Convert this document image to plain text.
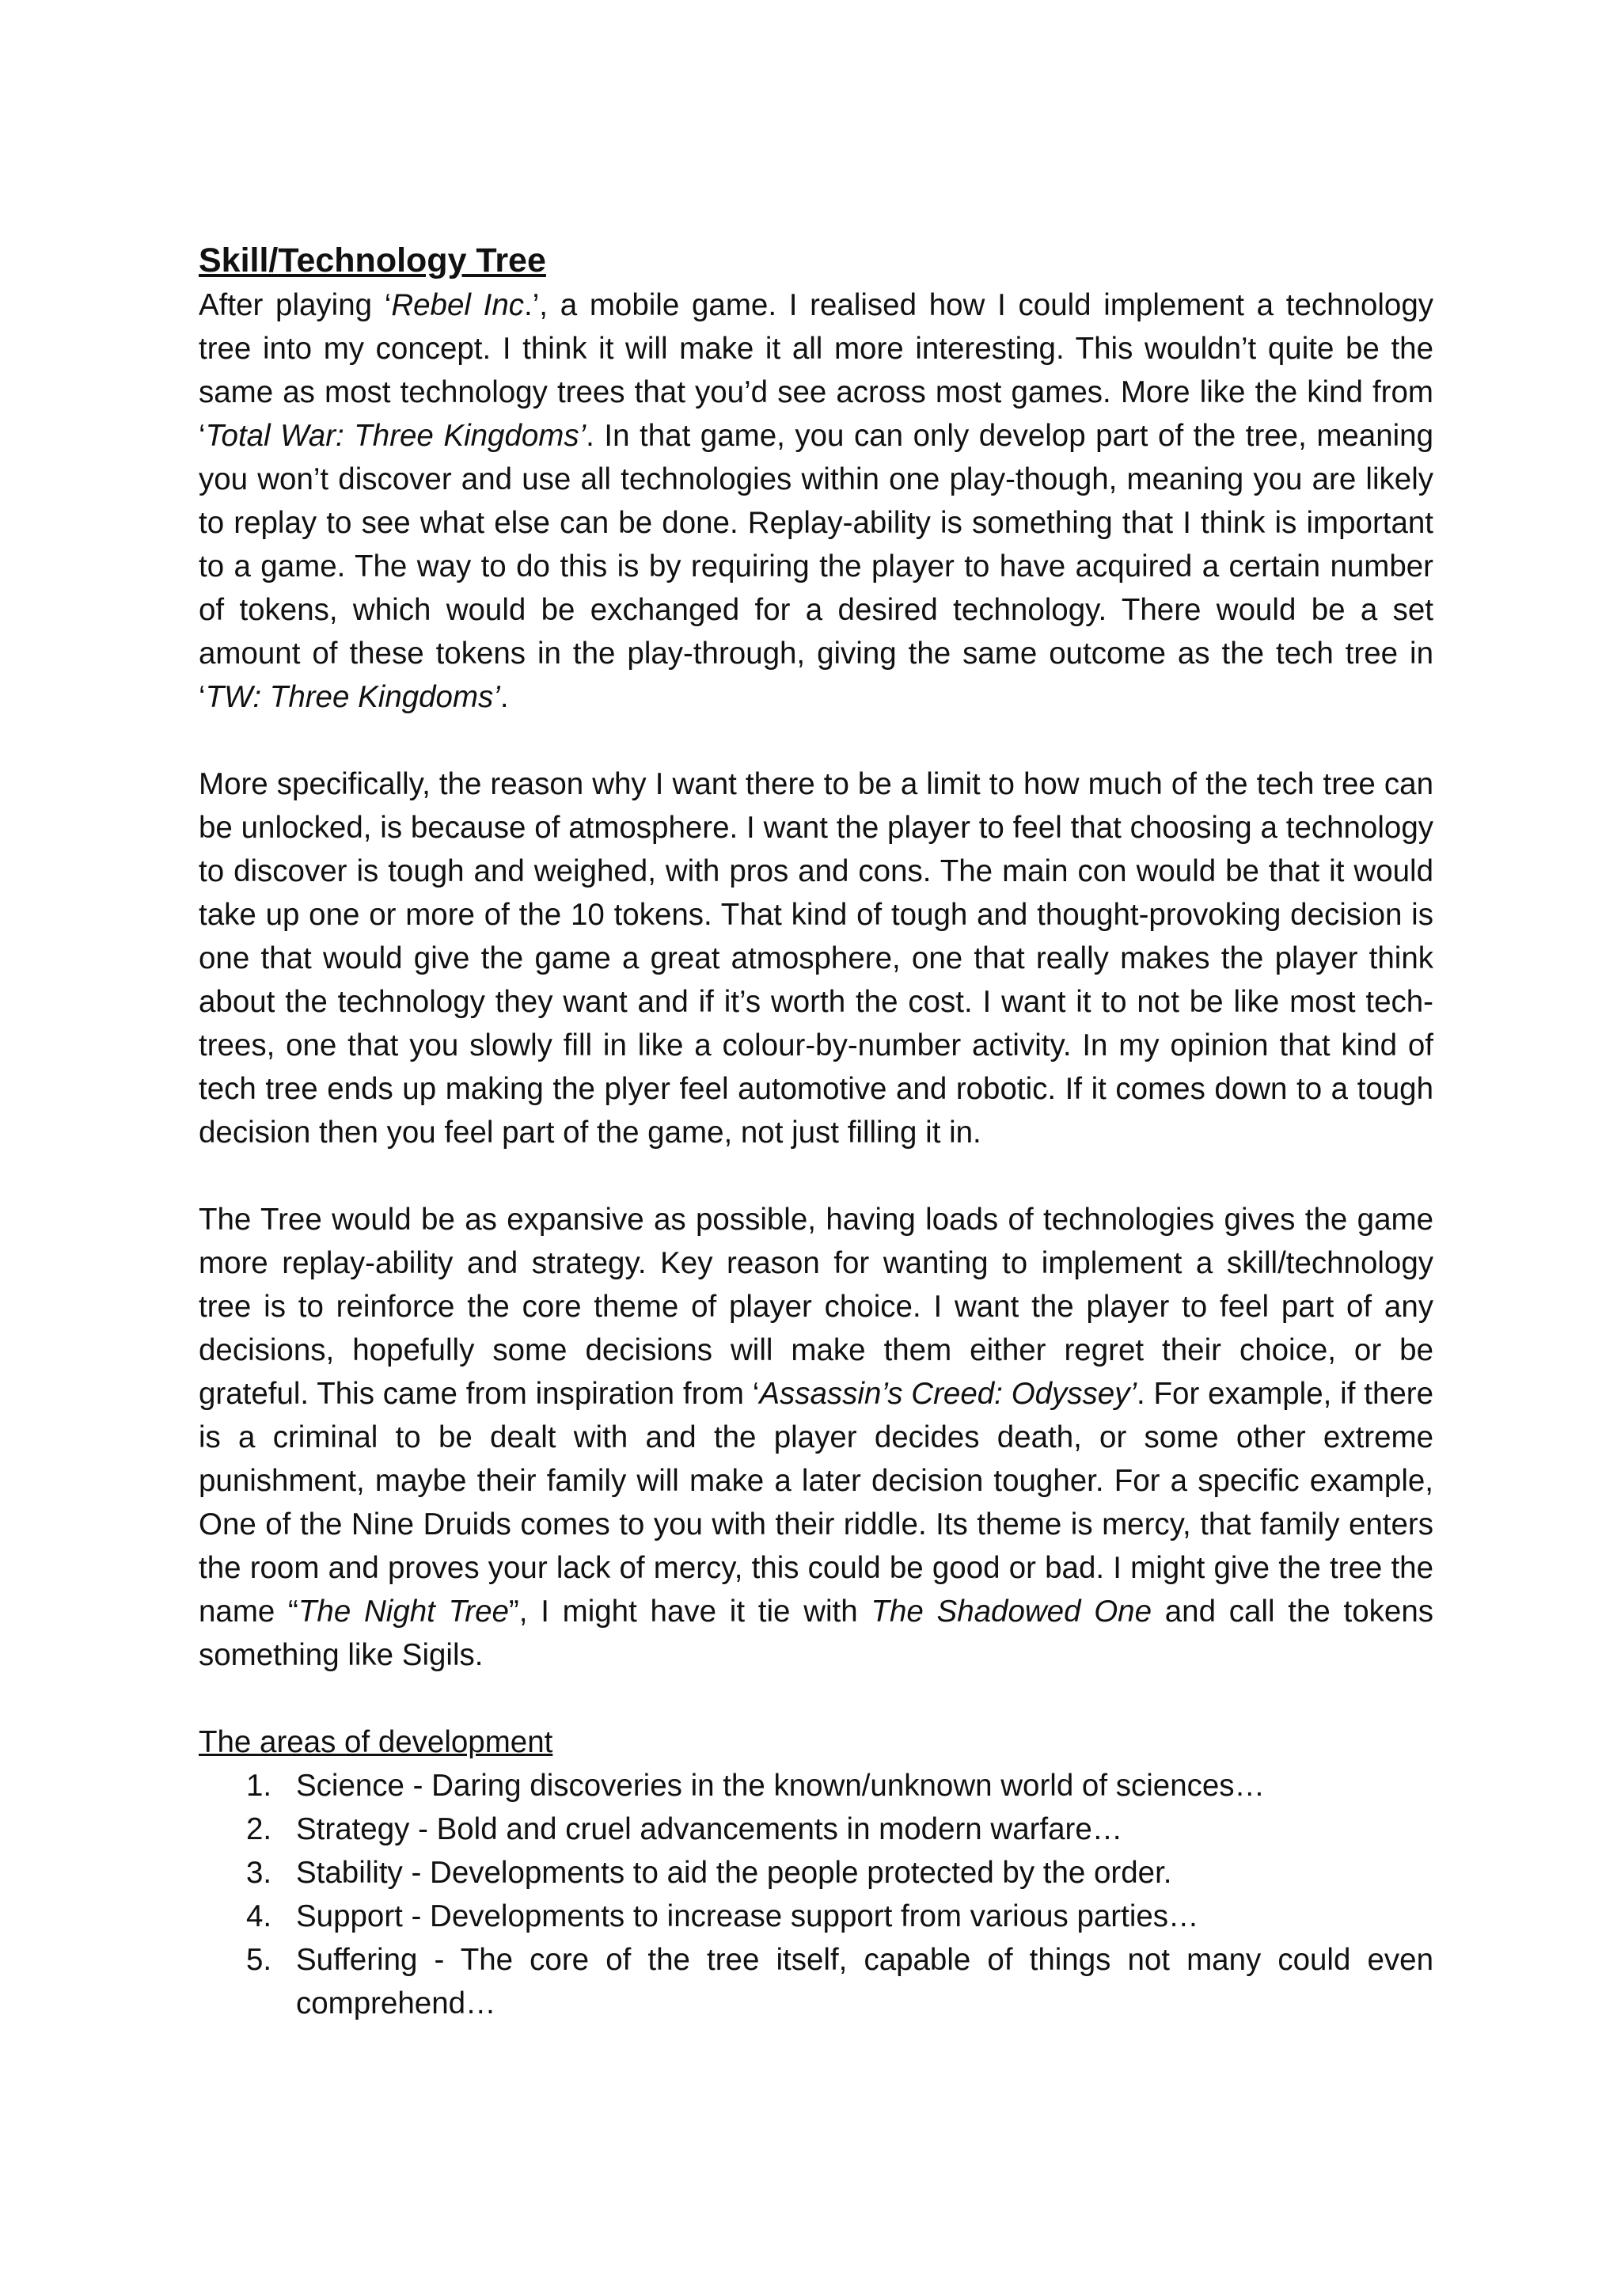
Skill/Technology Tree

After playing ‘Rebel Inc.’, a mobile game. I realised how I could implement a technology tree into my concept. I think it will make it all more interesting. This wouldn’t quite be the same as most technology trees that you’d see across most games. More like the kind from ‘Total War: Three Kingdoms’. In that game, you can only develop part of the tree, meaning you won’t discover and use all technologies within one play-though, meaning you are likely to replay to see what else can be done. Replay-ability is something that I think is important to a game. The way to do this is by requiring the player to have acquired a certain number of tokens, which would be exchanged for a desired technology. There would be a set amount of these tokens in the play-through, giving the same outcome as the tech tree in ‘TW: Three Kingdoms’.

More specifically, the reason why I want there to be a limit to how much of the tech tree can be unlocked, is because of atmosphere. I want the player to feel that choosing a technology to discover is tough and weighed, with pros and cons. The main con would be that it would take up one or more of the 10 tokens. That kind of tough and thought-provoking decision is one that would give the game a great atmosphere, one that really makes the player think about the technology they want and if it’s worth the cost. I want it to not be like most tech-trees, one that you slowly fill in like a colour-by-number activity. In my opinion that kind of tech tree ends up making the plyer feel automotive and robotic. If it comes down to a tough decision then you feel part of the game, not just filling it in.

The Tree would be as expansive as possible, having loads of technologies gives the game more replay-ability and strategy. Key reason for wanting to implement a skill/technology tree is to reinforce the core theme of player choice. I want the player to feel part of any decisions, hopefully some decisions will make them either regret their choice, or be grateful. This came from inspiration from ‘Assassin’s Creed: Odyssey’. For example, if there is a criminal to be dealt with and the player decides death, or some other extreme punishment, maybe their family will make a later decision tougher. For a specific example, One of the Nine Druids comes to you with their riddle. Its theme is mercy, that family enters the room and proves your lack of mercy, this could be good or bad. I might give the tree the name “The Night Tree”, I might have it tie with The Shadowed One and call the tokens something like Sigils.

The areas of development
1. Science - Daring discoveries in the known/unknown world of sciences…
2. Strategy - Bold and cruel advancements in modern warfare…
3. Stability - Developments to aid the people protected by the order.
4. Support - Developments to increase support from various parties…
5. Suffering - The core of the tree itself, capable of things not many could even comprehend…
